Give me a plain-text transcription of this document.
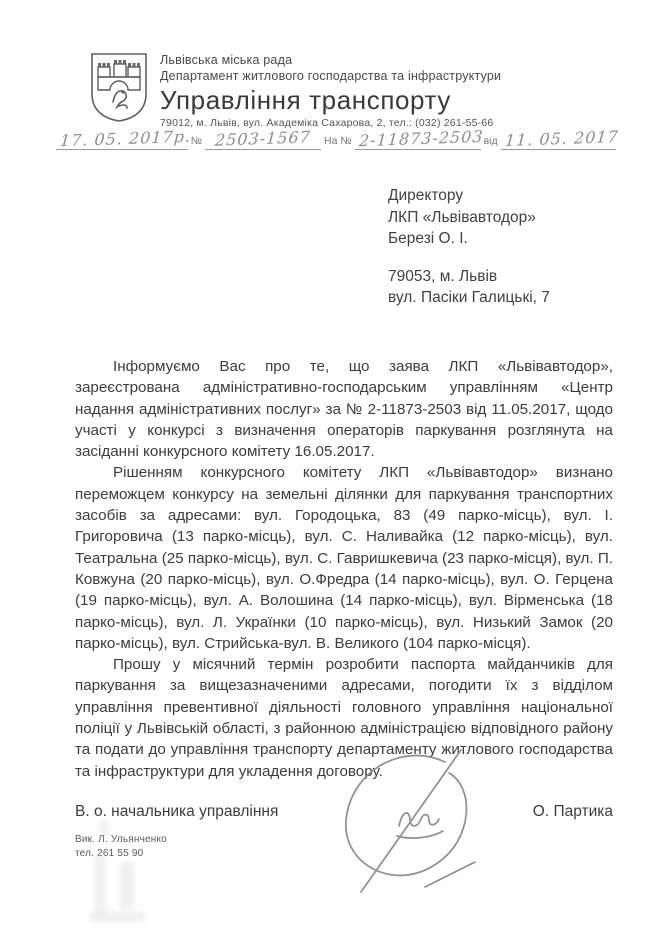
Львівська міська рада
Департамент житлового господарства та інфраструктури
Управління транспорту
79012, м. Львів, вул. Академіка Сахарова, 2, тел.: (032) 261-55-66
17. 05. 2017р.
№ 2503-1567	На № 2-11873-2503 від 11. 05. 2017
Директору
ЛКП «Львівавтодор»
Березі О. І.
79053, м. Львів
вул. Пасіки Галицькі, 7

Інформуємо Вас про те, що заява ЛКП «Львівавтодор», зареєстрована адміністративно-господарським управлінням «Центр надання адміністративних послуг» за № 2-11873-2503 від 11.05.2017, щодо участі у конкурсі з визначення операторів паркування розглянута на засіданні конкурсного комітету 16.05.2017.

Рішенням конкурсного комітету ЛКП «Львівавтодор» визнано переможцем конкурсу на земельні ділянки для паркування транспортних засобів за адресами: вул. Городоцька, 83 (49 парко-місць), вул. І. Григоровича (13 парко-місць), вул. С. Наливайка (12 парко-місць), вул. Театральна (25 парко-місць), вул. С. Гавришкевича (23 парко-місця), вул. П. Ковжуна (20 парко-місць), вул. О.Фредра (14 парко-місць), вул. О. Герцена (19 парко-місць), вул. А. Волошина (14 парко-місць), вул. Вірменська (18 парко-місць), вул. Л. Українки (10 парко-місць), вул. Низький Замок (20 парко-місць), вул. Стрийська-вул. В. Великого (104 парко-місця).

Прошу у місячний термін розробити паспорта майданчиків для паркування за вищезазначеними адресами, погодити їх з відділом управління превентивної діяльності головного управління національної поліції у Львівській області, з районною адміністрацією відповідного району та подати до управління транспорту департаменту житлового господарства та інфраструктури для укладення договору.

В. о. начальника управління	О. Партика
Вик. Л. Ульянченко
тел. 261 55 90
